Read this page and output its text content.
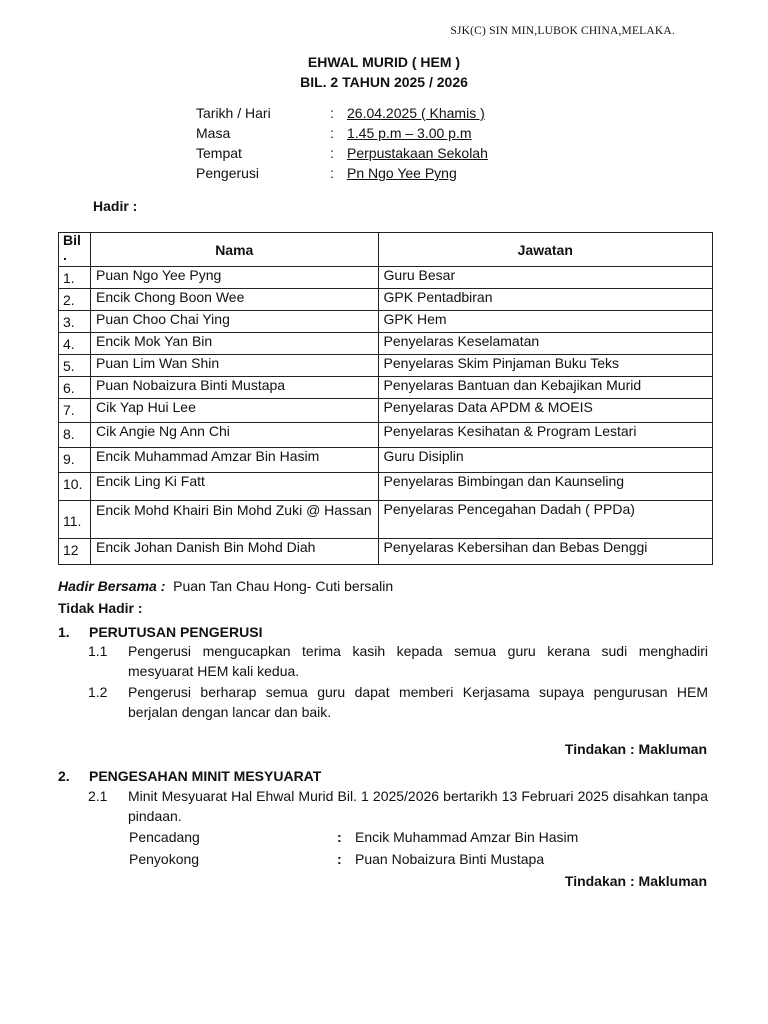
SJK(C) SIN MIN,LUBOK CHINA,MELAKA.
EHWAL MURID ( HEM )
BIL. 2 TAHUN 2025 / 2026
Tarikh / Hari	: 26.04.2025 ( Khamis )
Masa	: 1.45 p.m – 3.00 p.m
Tempat	: Perpustakaan Sekolah
Pengerusi	: Pn Ngo Yee Pyng
Hadir :
Bil .	Nama	Jawatan
1.	Puan Ngo Yee Pyng	Guru Besar
2.	Encik Chong Boon Wee	GPK Pentadbiran
3.	Puan Choo Chai Ying	GPK Hem
4.	Encik Mok Yan Bin	Penyelaras Keselamatan
5.	Puan Lim Wan Shin	Penyelaras Skim Pinjaman Buku Teks
6.	Puan Nobaizura Binti Mustapa	Penyelaras Bantuan dan Kebajikan Murid
7.	Cik Yap Hui Lee	Penyelaras Data APDM & MOEIS
8.	Cik Angie Ng Ann Chi	Penyelaras Kesihatan & Program Lestari
9.	Encik Muhammad Amzar Bin Hasim	Guru Disiplin
10.	Encik Ling Ki Fatt	Penyelaras Bimbingan dan Kaunseling
11.	Encik Mohd Khairi Bin Mohd Zuki @ Hassan	Penyelaras Pencegahan Dadah ( PPDa)
12	Encik Johan Danish Bin Mohd Diah	Penyelaras Kebersihan dan Bebas Denggi
Hadir Bersama : Puan Tan Chau Hong- Cuti bersalin
Tidak Hadir :
1.	PERUTUSAN PENGERUSI
1.1	Pengerusi mengucapkan terima kasih kepada semua guru kerana sudi menghadiri mesyuarat HEM kali kedua.
1.2	Pengerusi berharap semua guru dapat memberi Kerjasama supaya pengurusan HEM berjalan dengan lancar dan baik.
Tindakan : Makluman
2.	PENGESAHAN MINIT MESYUARAT
2.1	Minit Mesyuarat Hal Ehwal Murid Bil. 1 2025/2026 bertarikh 13 Februari 2025 disahkan tanpa pindaan.
Pencadang	: Encik Muhammad Amzar Bin Hasim
Penyokong	: Puan Nobaizura Binti Mustapa
Tindakan : Makluman
